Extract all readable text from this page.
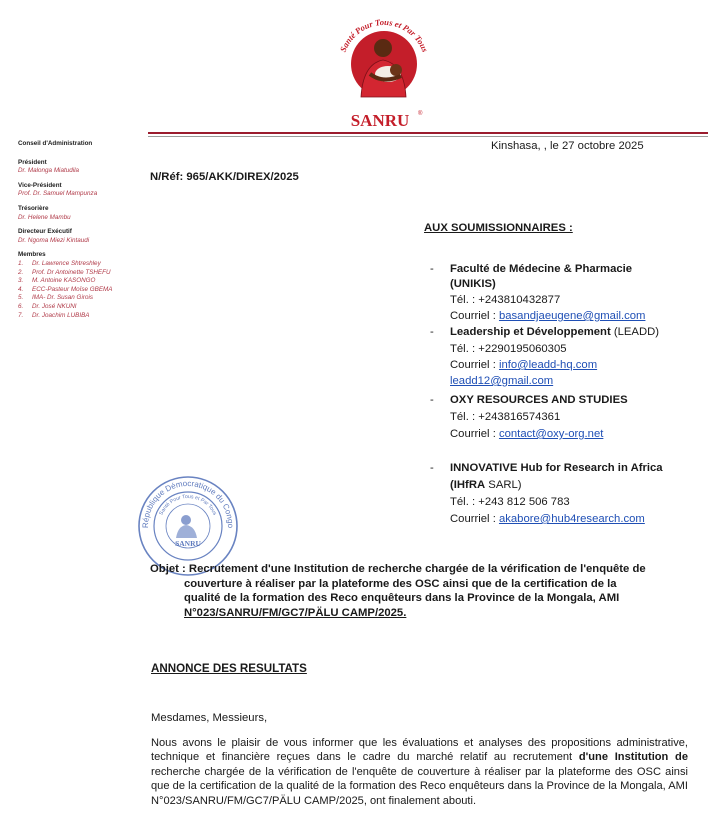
Santé Pour Tous et Par Tous
SANRU ®
Conseil d'Administration
Président
Dr. Malonga Miatudila
Vice-Président
Prof. Dr. Samuel Mampunza
Trésorière
Dr. Helene Mambu
Directeur Exécutif
Dr. Ngoma Miezi Kintaudi
Membres
1.	Dr. Lawrence Shtreshley
2.	Prof. Dr Antoinette TSHEFU
3.	M. Antoine KASONGO
4.	ECC-Pasteur Moïse GBEMA
5.	IMA- Dr. Susan Girois
6.	Dr. José NKUNI
7.	Dr. Joachim LUBIBA
Kinshasa, , le 27 octobre 2025
N/Réf: 965/AKK/DIREX/2025
AUX SOUMISSIONNAIRES :
- Faculté de Médecine & Pharmacie
(UNIKIS)
Tél. : +243810432877
Courriel : basandjaeugene@gmail.com
- Leadership et Développement (LEADD)
Tél. : +2290195060305
Courriel : info@leadd-hq.com
leadd12@gmail.com
- OXY RESOURCES AND STUDIES
Tél. : +243816574361
Courriel : contact@oxy-org.net
- INNOVATIVE Hub for Research in Africa
(IHfRA SARL)
Tél. : +243 812 506 783
Courriel : akabore@hub4research.com
République Démocratique du Congo
Santé Pour Tous et Par Tous
SANRU
Objet : Recrutement d'une Institution de recherche chargée de la vérification de l'enquête de
couverture à réaliser par la plateforme des OSC ainsi que de la certification de la
qualité de la formation des Reco enquêteurs dans la Province de la Mongala, AMI
N°023/SANRU/FM/GC7/PÄLU CAMP/2025.
ANNONCE DES RESULTATS
Mesdames, Messieurs,
Nous avons le plaisir de vous informer que les évaluations et analyses des propositions administrative, technique et financière reçues dans le cadre du marché relatif au recrutement d'une Institution de recherche chargée de la vérification de l'enquête de couverture à réaliser par la plateforme des OSC ainsi que de la certification de la qualité de la formation des Reco enquêteurs dans la Province de la Mongala, AMI N°023/SANRU/FM/GC7/PÄLU CAMP/2025, ont finalement abouti.
